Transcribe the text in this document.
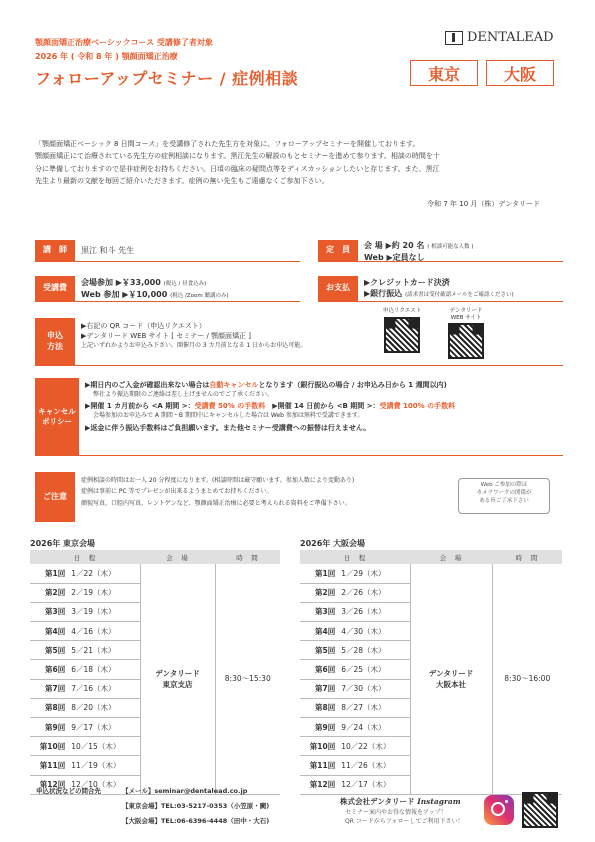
顎顔面矯正治療ベーシックコース 受講修了者対象
2026 年 ( 令和 8 年 ) 顎顔面矯正治療
フォローアップセミナー / 症例相談
DENTALEAD
東京	大阪

「顎顔面矯正ベーシック 8 日間コース」を受講修了された先生方を対象に、フォローアップセミナーを開催しております。

顎顔面矯正にて治療されている先生方の症例相談になります。黒江先生の解説のもとセミナーを進めて参ります。相談の時間を十

分に準備しておりますので是非症例をお持ちください。日頃の臨床の疑問点等をディスカッションしたいと存じます。また、黒江

先生より最新の文献を毎回ご紹介いただきます。症例の無い先生もご遠慮なくご参加下さい。

令和 7 年 10 月（株）デンタリード
講　師	黒江 和斗 先生	定　員	会 場 ▶約 20 名 ( 相談可能な人数 )
Web ▶定員なし
受講費
会場参加 ▶￥33,000 (税込 / 昼食込み)
Web 参加 ▶￥10,000 (税込 /Zoom 聴講のみ)
お支払
▶クレジットカード決済
▶銀行振込 (請求書は受付確認メールをご確認ください)
申込
方法
▶右記の QR コード（申込リクエスト）
▶デンタリード WEB サイト [ セミナー / 顎顔面矯正 ]
上記いずれかよりお申込み下さい。開催月の 3 カ月前となる 1 日からお申込可能。
申込リクエスト	デンタリード
WEB サイト
キャンセル
ポリシー
▶期日内のご入金が確認出来ない場合は自動キャンセルとなります（銀行振込の場合 / お申込み日から 1 週間以内)
弊社より振込期限のご連絡は差し上げませんのでご了承ください。
▶開催 1 カ月前から <A 期間 >：受講費 50% の手数料　 ▶開催 14 日前から <B 期間 >：受講費 100% の手数料
会場参加のお申込みで A 期間・B 期間中にキャンセルした場合は Web 参加は無料で受講できます。
▶返金に伴う振込手数料はご負担願います。また他セミナー受講費への振替は行えません。
ご注意
症例相談の時間はお一人 20 分程度になります。(相談時間は厳守願います。参加人数により変動あり)
症例は事前に PC 等でプレゼンが出来るようまとめてお持ちください。
顔貌写真、口腔内写真、レントゲンなど、顎顔面矯正治療に必要と考えられる資料をご準備下さい。
Web ご参加の際は
カメラワークの関係が
ある旨ご了承下さい
2026年 東京会場	2026年 大阪会場
日　程		会　場	時　間
第1回	1／22（木）	デンタリード
東京支店	8:30〜15:30
第2回	2／19（木）		
第3回	3／19（木）		
第4回	4／16（木）		
第5回	5／21（木）		
第6回	6／18（木）		
第7回	7／16（木）		
第8回	8／20（木）		
第9回	9／17（木）		
第10回	10／15（木）		
第11回	11／19（木）		
第12回	12／10（木）		
日　程		会　場	時　間
第1回	1／29（木）	デンタリード
大阪本社	8:30〜16:00
第2回	2／26（木）		
第3回	3／26（木）		
第4回	4／30（木）		
第5回	5／28（木）		
第6回	6／25（木）		
第7回	7／30（木）		
第8回	8／27（木）		
第9回	9／24（木）		
第10回	10／22（木）		
第11回	11／26（木）		
第12回	12／17（木）		
申込状況などの問合先	【メール】seminar@dentalead.co.jp
【東京会場】TEL:03-5217-0353（小笠原・闕)
【大阪会場】TEL:06-6396-4448（田中・大石)
株式会社デンタリード Instagram
セミナー案内やお得な情報をアップ！
QR コードからフォローしてご利用下さい！
